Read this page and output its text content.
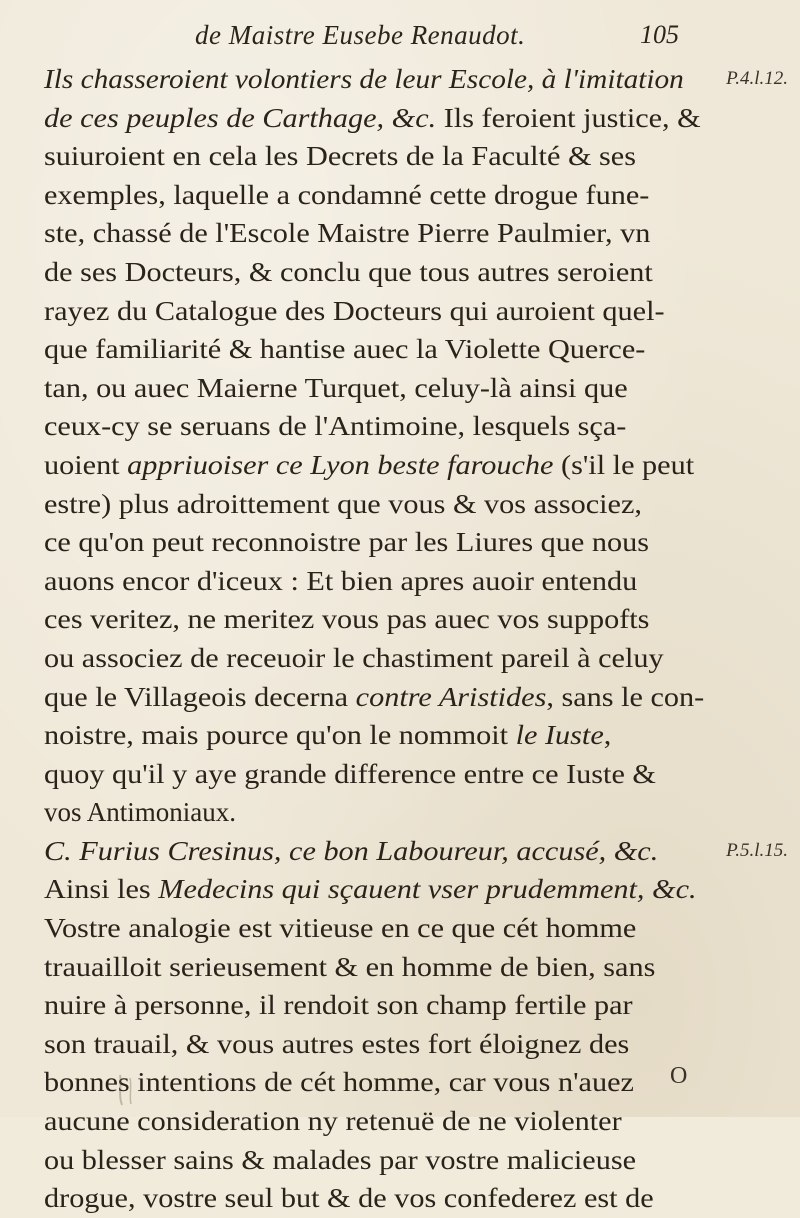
de Maistre Eusebe Renaudot.	105
Ils chasseroient volontiers de leur Escole, à l'imitation P.4.l.12.
de ces peuples de Carthage, &c. Ils feroient justice, &
suiuroient en cela les Decrets de la Faculté & ses
exemples, laquelle a condamné cette drogue fune-
ste, chassé de l'Escole Maistre Pierre Paulmier, vn
de ses Docteurs, & conclu que tous autres seroient
rayez du Catalogue des Docteurs qui auroient quel-
que familiarité & hantise auec la Violette Querce-
tan, ou auec Maierne Turquet, celuy-là ainsi que
ceux-cy se seruans de l'Antimoine, lesquels sça-
uoient appriuoiser ce Lyon beste farouche (s'il le peut
estre) plus adroittement que vous & vos associez,
ce qu'on peut reconnoistre par les Liures que nous
auons encor d'iceux : Et bien apres auoir entendu
ces veritez, ne meritez vous pas auec vos suppofts
ou associez de receuoir le chastiment pareil à celuy
que le Villageois decerna contre Aristides, sans le con-
noistre, mais pource qu'on le nommoit le Iuste,
quoy qu'il y aye grande difference entre ce Iuste &
vos Antimoniaux.
C. Furius Cresinus, ce bon Laboureur, accusé, &c.	P.5.l.15.
Ainsi les Medecins qui sçauent vser prudemment, &c.
Vostre analogie est vitieuse en ce que cét homme
trauailloit serieusement & en homme de bien, sans
nuire à personne, il rendoit son champ fertile par
son trauail, & vous autres estes fort éloignez des
bonnes intentions de cét homme, car vous n'auez
aucune consideration ny retenuë de ne violenter
ou blesser sains & malades par vostre malicieuse
drogue, vostre seul but & de vos confederez est de
O
